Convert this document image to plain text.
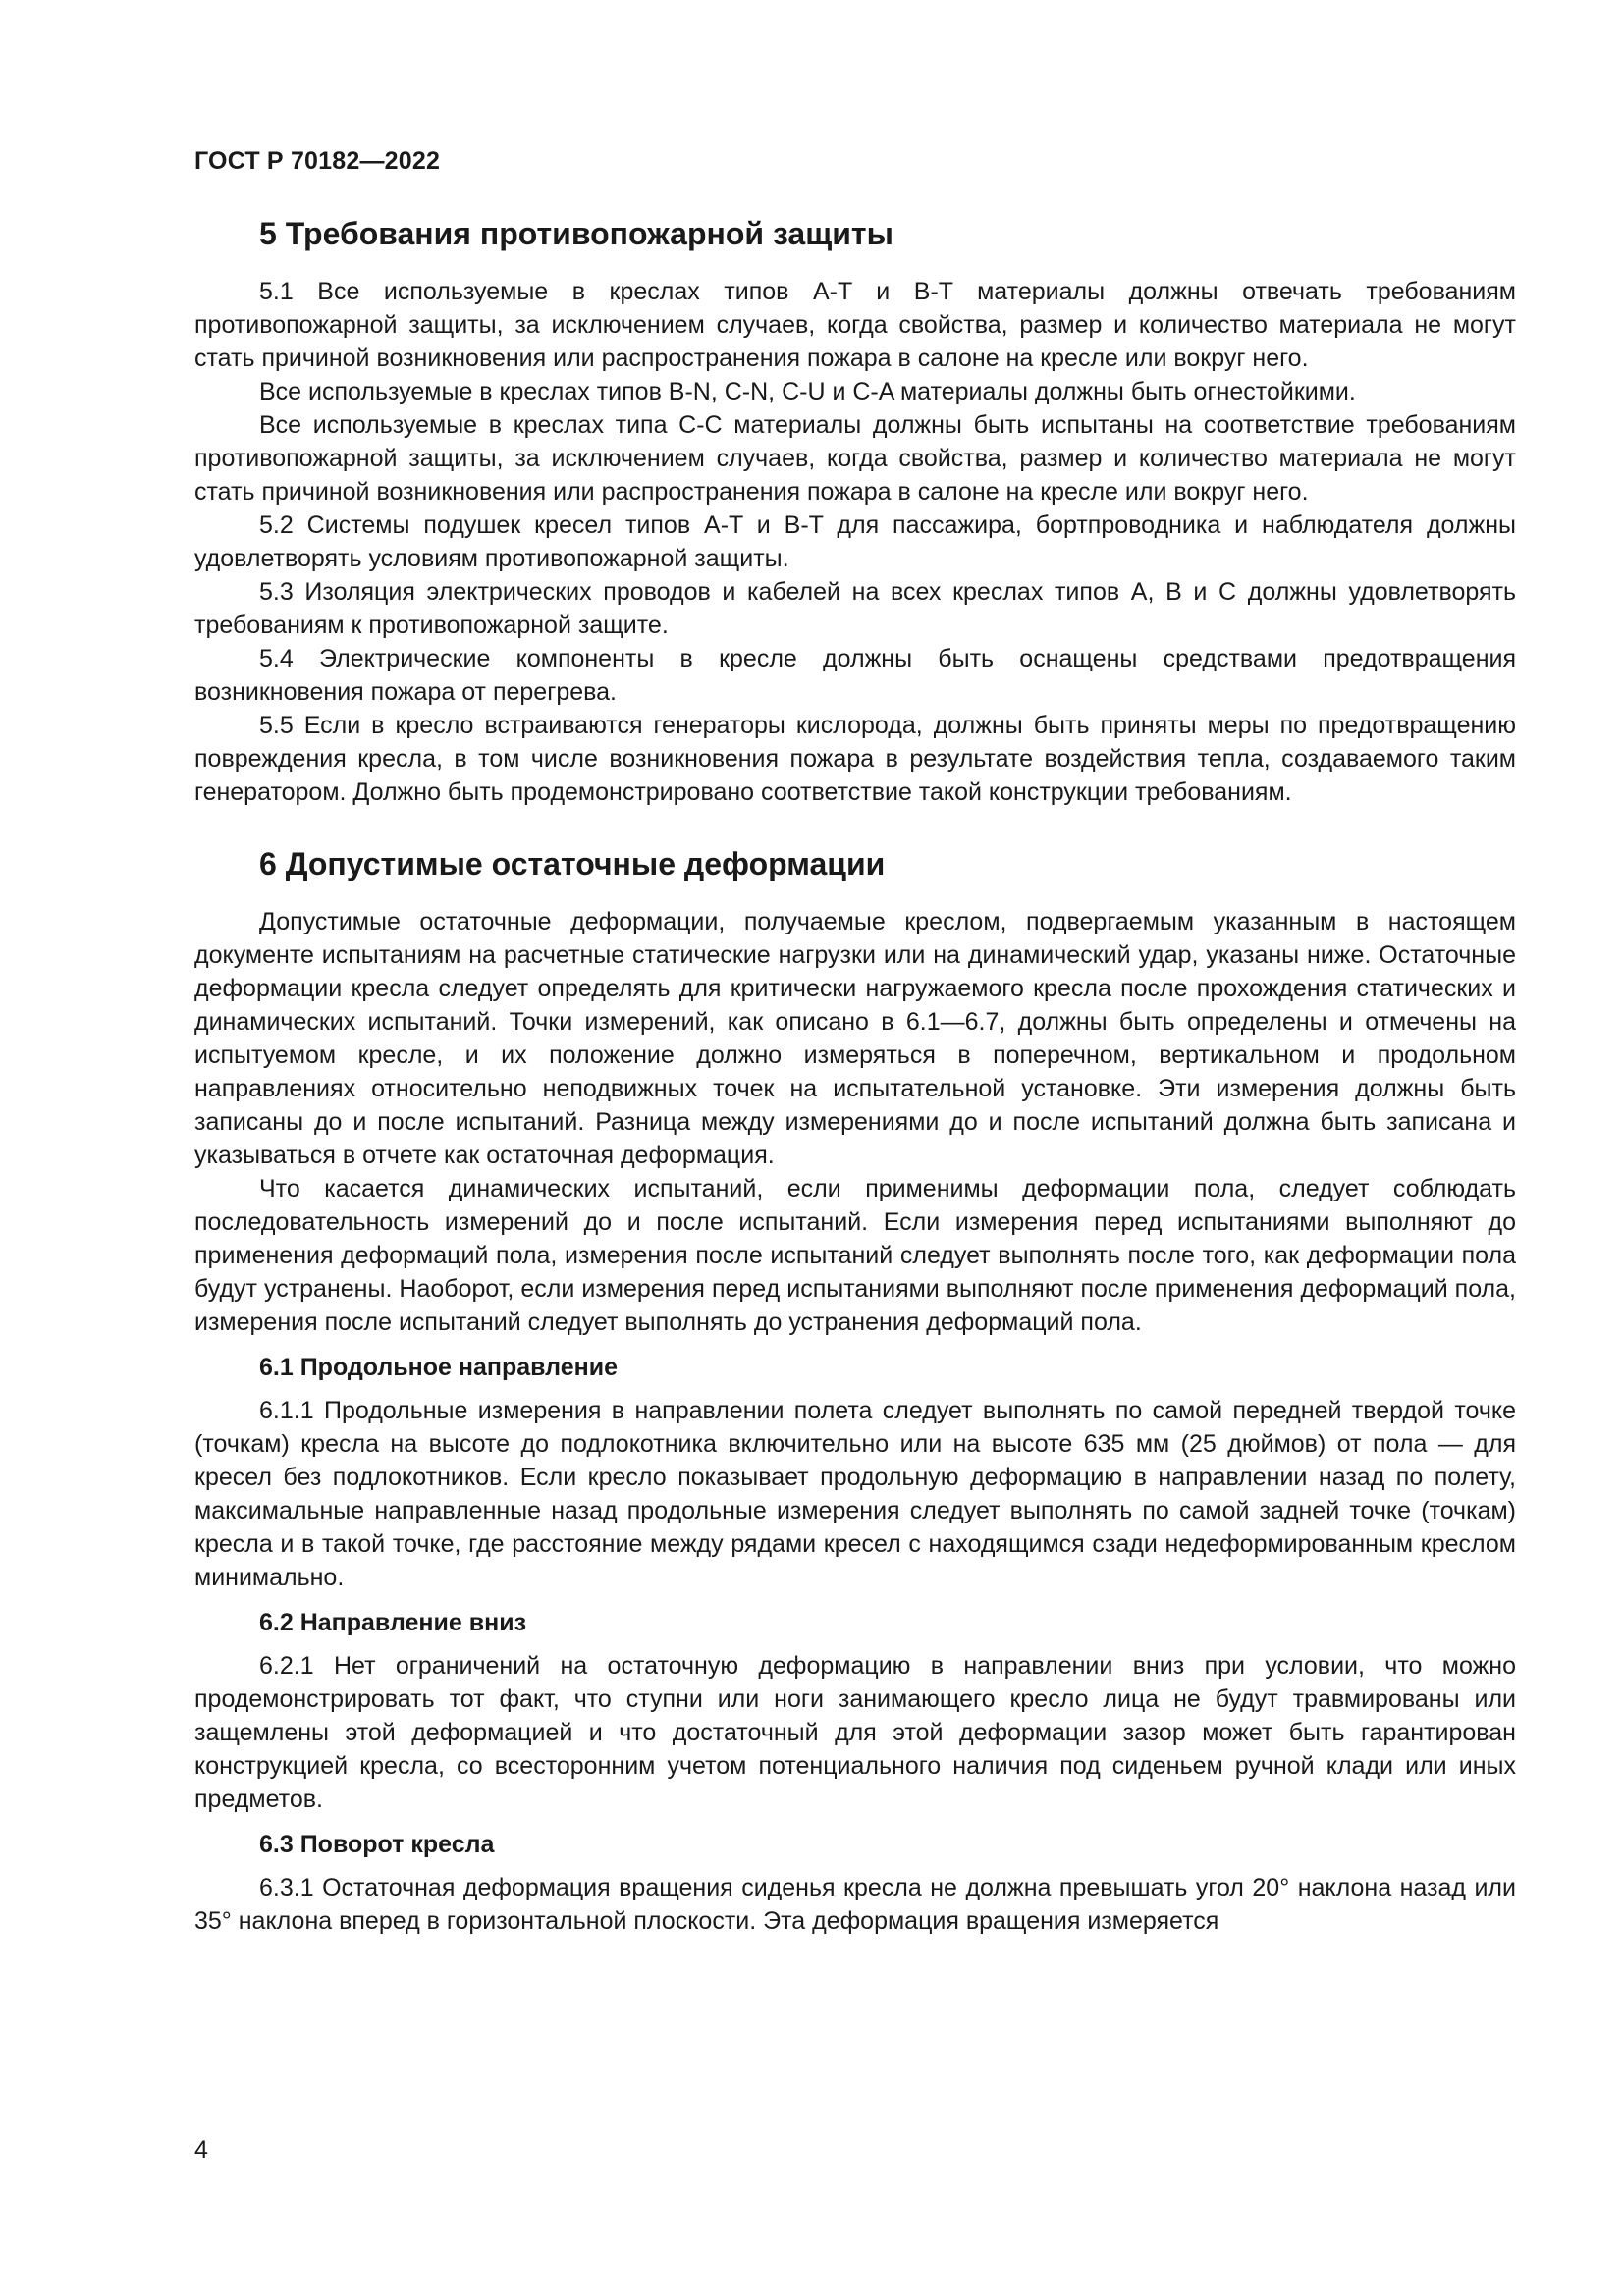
ГОСТ Р 70182—2022
5 Требования противопожарной защиты

5.1 Все используемые в креслах типов A-T и B-T материалы должны отвечать требованиям противопожарной защиты, за исключением случаев, когда свойства, размер и количество материала не могут стать причиной возникновения или распространения пожара в салоне на кресле или вокруг него.

Все используемые в креслах типов B-N, C-N, C-U и C-A материалы должны быть огнестойкими.

Все используемые в креслах типа C-C материалы должны быть испытаны на соответствие требованиям противопожарной защиты, за исключением случаев, когда свойства, размер и количество материала не могут стать причиной возникновения или распространения пожара в салоне на кресле или вокруг него.

5.2 Системы подушек кресел типов A-T и B-T для пассажира, бортпроводника и наблюдателя должны удовлетворять условиям противопожарной защиты.

5.3 Изоляция электрических проводов и кабелей на всех креслах типов A, B и C должны удовлетворять требованиям к противопожарной защите.

5.4 Электрические компоненты в кресле должны быть оснащены средствами предотвращения возникновения пожара от перегрева.

5.5 Если в кресло встраиваются генераторы кислорода, должны быть приняты меры по предотвращению повреждения кресла, в том числе возникновения пожара в результате воздействия тепла, создаваемого таким генератором. Должно быть продемонстрировано соответствие такой конструкции требованиям.

6 Допустимые остаточные деформации

Допустимые остаточные деформации, получаемые креслом, подвергаемым указанным в настоящем документе испытаниям на расчетные статические нагрузки или на динамический удар, указаны ниже. Остаточные деформации кресла следует определять для критически нагружаемого кресла после прохождения статических и динамических испытаний. Точки измерений, как описано в 6.1—6.7, должны быть определены и отмечены на испытуемом кресле, и их положение должно измеряться в поперечном, вертикальном и продольном направлениях относительно неподвижных точек на испытательной установке. Эти измерения должны быть записаны до и после испытаний. Разница между измерениями до и после испытаний должна быть записана и указываться в отчете как остаточная деформация.

Что касается динамических испытаний, если применимы деформации пола, следует соблюдать последовательность измерений до и после испытаний. Если измерения перед испытаниями выполняют до применения деформаций пола, измерения после испытаний следует выполнять после того, как деформации пола будут устранены. Наоборот, если измерения перед испытаниями выполняют после применения деформаций пола, измерения после испытаний следует выполнять до устранения деформаций пола.

6.1 Продольное направление

6.1.1 Продольные измерения в направлении полета следует выполнять по самой передней твердой точке (точкам) кресла на высоте до подлокотника включительно или на высоте 635 мм (25 дюймов) от пола — для кресел без подлокотников. Если кресло показывает продольную деформацию в направлении назад по полету, максимальные направленные назад продольные измерения следует выполнять по самой задней точке (точкам) кресла и в такой точке, где расстояние между рядами кресел с находящимся сзади недеформированным креслом минимально.

6.2 Направление вниз

6.2.1 Нет ограничений на остаточную деформацию в направлении вниз при условии, что можно продемонстрировать тот факт, что ступни или ноги занимающего кресло лица не будут травмированы или защемлены этой деформацией и что достаточный для этой деформации зазор может быть гарантирован конструкцией кресла, со всесторонним учетом потенциального наличия под сиденьем ручной клади или иных предметов.

6.3 Поворот кресла

6.3.1 Остаточная деформация вращения сиденья кресла не должна превышать угол 20° наклона назад или 35° наклона вперед в горизонтальной плоскости. Эта деформация вращения измеряется

4
